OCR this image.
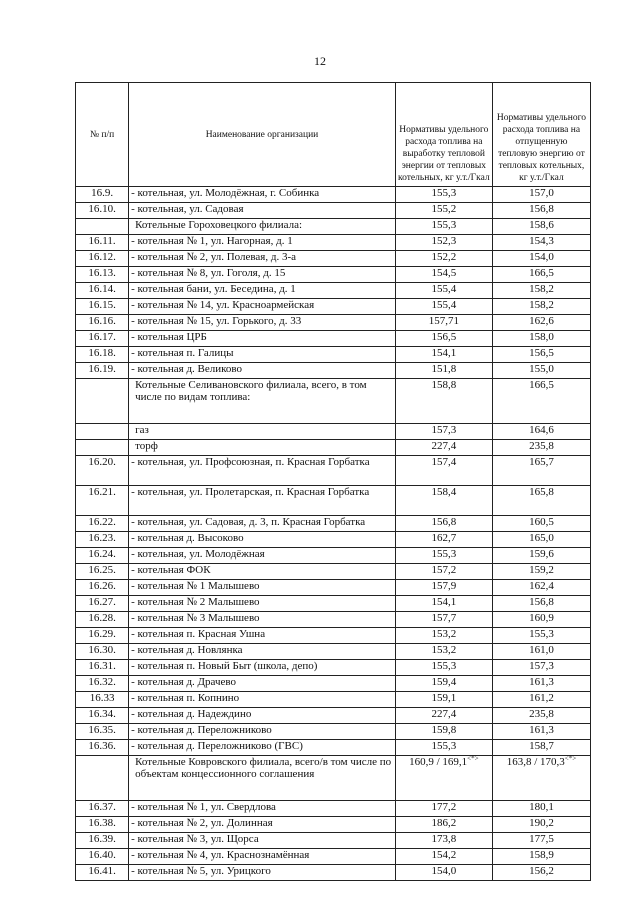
12
№ п/п	Наименование организации	Нормативы удельного расхода топлива на выработку тепловой энергии от тепловых котельных, кг у.т./Гкал	Нормативы удельного расхода топлива на отпущенную тепловую энергию от тепловых котельных, кг у.т./Гкал
16.9.	- котельная, ул. Молодёжная, г. Собинка	155,3	157,0
16.10.	- котельная, ул. Садовая	155,2	156,8
	Котельные Гороховецкого филиала:	155,3	158,6
16.11.	- котельная № 1, ул. Нагорная, д. 1	152,3	154,3
16.12.	- котельная № 2, ул. Полевая, д. 3-а	152,2	154,0
16.13.	- котельная № 8, ул. Гоголя, д. 15	154,5	166,5
16.14.	- котельная бани, ул. Беседина, д. 1	155,4	158,2
16.15.	- котельная № 14, ул. Красноармейская	155,4	158,2
16.16.	- котельная № 15, ул. Горького, д. 33	157,71	162,6
16.17.	- котельная ЦРБ	156,5	158,0
16.18.	- котельная п. Галицы	154,1	156,5
16.19.	- котельная д. Великово	151,8	155,0
	Котельные Селивановского филиала, всего, в том числе по видам топлива:	158,8	166,5
	газ	157,3	164,6
	торф	227,4	235,8
16.20.	- котельная, ул. Профсоюзная, п. Красная Горбатка	157,4	165,7
16.21.	- котельная, ул. Пролетарская, п. Красная Горбатка	158,4	165,8
16.22.	- котельная, ул. Садовая, д. 3, п. Красная Горбатка	156,8	160,5
16.23.	- котельная д. Высоково	162,7	165,0
16.24.	- котельная, ул. Молодёжная	155,3	159,6
16.25.	- котельная ФОК	157,2	159,2
16.26.	- котельная № 1 Малышево	157,9	162,4
16.27.	- котельная № 2 Малышево	154,1	156,8
16.28.	- котельная № 3 Малышево	157,7	160,9
16.29.	- котельная п. Красная Ушна	153,2	155,3
16.30.	- котельная д. Новлянка	153,2	161,0
16.31.	- котельная п. Новый Быт (школа, депо)	155,3	157,3
16.32.	- котельная д. Драчево	159,4	161,3
16.33	- котельная п. Копнино	159,1	161,2
16.34.	- котельная д. Надеждино	227,4	235,8
16.35.	- котельная д. Переложниково	159,8	161,3
16.36.	- котельная д. Переложниково (ГВС)	155,3	158,7
	Котельные Ковровского филиала, всего/в том числе по объектам концессионного соглашения	160,9 / 169,1<*>	163,8 / 170,3<*>
16.37.	- котельная № 1, ул. Свердлова	177,2	180,1
16.38.	- котельная № 2, ул. Долинная	186,2	190,2
16.39.	- котельная № 3, ул. Щорса	173,8	177,5
16.40.	- котельная № 4, ул. Краснознамённая	154,2	158,9
16.41.	- котельная № 5, ул. Урицкого	154,0	156,2
